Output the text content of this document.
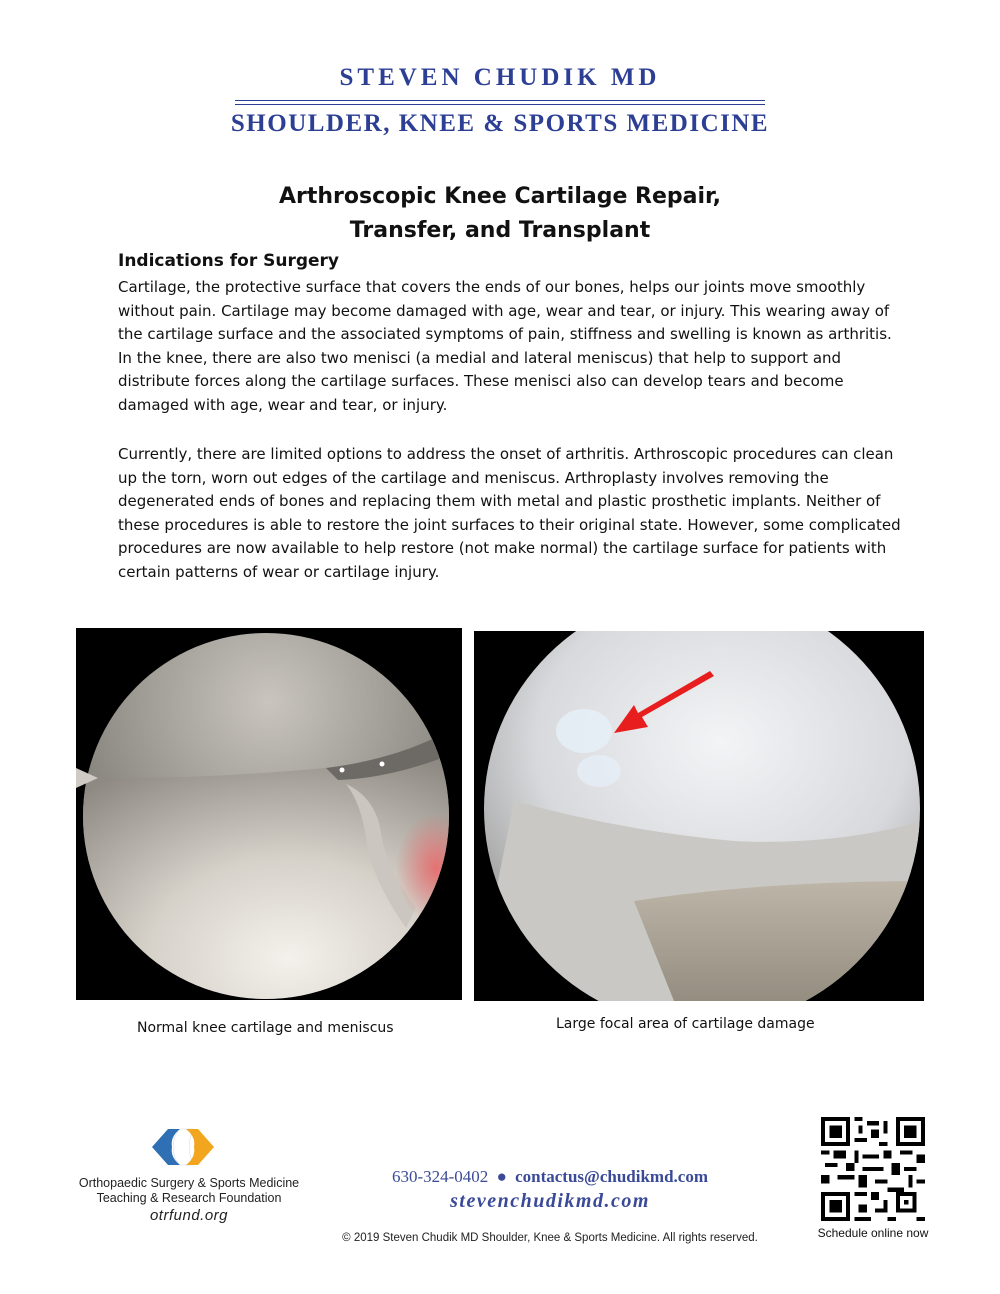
STEVEN CHUDIK MD
SHOULDER, KNEE & SPORTS MEDICINE
Arthroscopic Knee Cartilage Repair,
Transfer, and Transplant
Indications for Surgery
Cartilage, the protective surface that covers the ends of our bones, helps our joints move smoothly without pain. Cartilage may become damaged with age, wear and tear, or injury. This wearing away of the cartilage surface and the associated symptoms of pain, stiffness and swelling is known as arthritis. In the knee, there are also two menisci (a medial and lateral meniscus) that help to support and distribute forces along the cartilage surfaces. These menisci also can develop tears and become damaged with age, wear and tear, or injury.
Currently, there are limited options to address the onset of arthritis. Arthroscopic procedures can clean up the torn, worn out edges of the cartilage and meniscus. Arthroplasty involves removing the degenerated ends of bones and replacing them with metal and plastic prosthetic implants. Neither of these procedures is able to restore the joint surfaces to their original state. However, some complicated procedures are now available to help restore (not make normal) the cartilage surface for patients with certain patterns of wear or cartilage injury.
Normal knee cartilage and meniscus	Large focal area of cartilage damage
Orthopaedic Surgery & Sports Medicine
Teaching & Research Foundation
otrfund.org
630-324-0402 ● contactus@chudikmd.com
stevenchudikmd.com
© 2019 Steven Chudik MD Shoulder, Knee & Sports Medicine. All rights reserved.	Schedule online now
